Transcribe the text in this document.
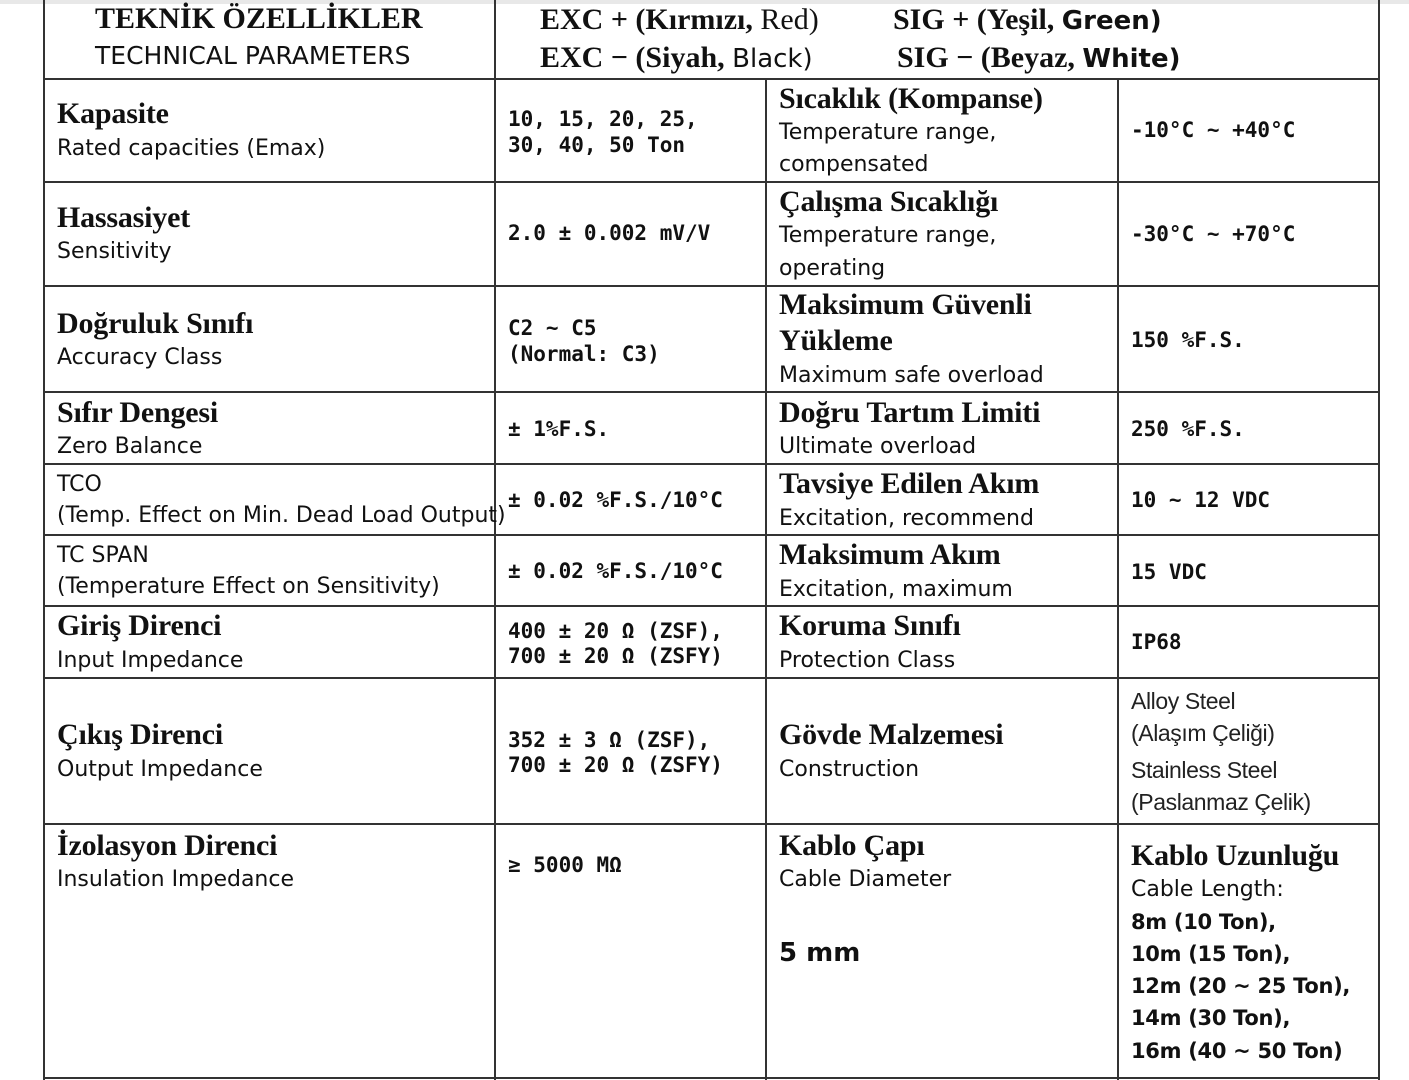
TEKNİK ÖZELLİKLER
TECHNICAL PARAMETERS
EXC + (Kırmızı, Red)
EXC − (Siyah, Black)
SIG + (Yeşil, Green)
SIG − (Beyaz, White)
Kapasite
Rated capacities (Emax)
10, 15, 20, 25,
30, 40, 50 Ton
Sıcaklık (Kompanse)
Temperature range,
compensated
-10°C ~ +40°C
Hassasiyet
Sensitivity
2.0 ± 0.002 mV/V
Çalışma Sıcaklığı
Temperature range,
operating
-30°C ~ +70°C
Doğruluk Sınıfı
Accuracy Class
C2 ~ C5
(Normal: C3)
Maksimum Güvenli
Yükleme
Maximum safe overload
150 %F.S.
Sıfır Dengesi
Zero Balance
± 1%F.S.	Doğru Tartım Limiti
Ultimate overload
250 %F.S.
TCO
(Temp. Effect on Min. Dead Load Output)
± 0.02 %F.S./10°C Tavsiye Edilen Akım
Excitation, recommend
10 ~ 12 VDC
TC SPAN
(Temperature Effect on Sensitivity)
± 0.02 %F.S./10°C Maksimum Akım
Excitation, maximum
15 VDC
Giriş Direnci
Input Impedance
400 ± 20 Ω (ZSF),
700 ± 20 Ω (ZSFY)
Koruma Sınıfı
Protection Class
IP68
Çıkış Direnci
Output Impedance
352 ± 3 Ω (ZSF),
700 ± 20 Ω (ZSFY)
Gövde Malzemesi
Construction
Alloy Steel
(Alaşım Çeliği)
Stainless Steel
(Paslanmaz Çelik)
İzolasyon Direnci
Insulation Impedance
≥ 5000 MΩ
Kablo Çapı
Cable Diameter
5 mm
Kablo Uzunluğu
Cable Length:
8m (10 Ton),
10m (15 Ton),
12m (20 ~ 25 Ton),
14m (30 Ton),
16m (40 ~ 50 Ton)
